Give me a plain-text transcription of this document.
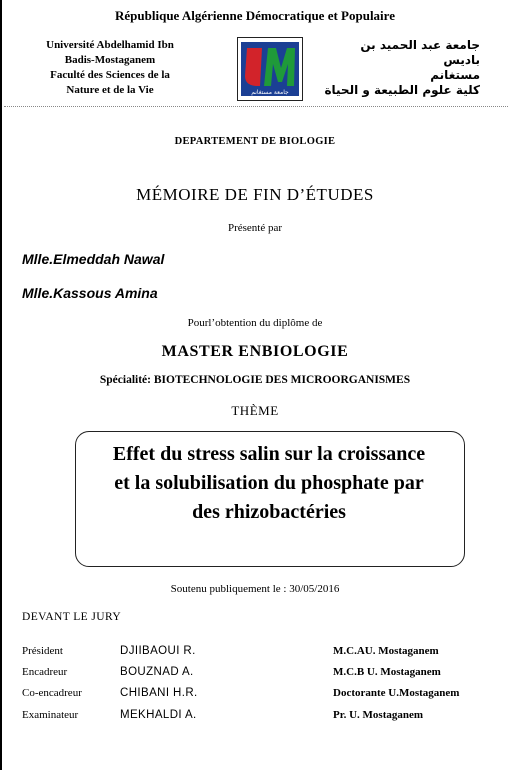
République Algérienne Démocratique et Populaire
Université Abdelhamid Ibn
Badis-Mostaganem
Faculté des Sciences de la
Nature et de la Vie	جامعة مستغانم
جامعة عبد الحميد بن باديس
مستغانم
كلية علوم الطبيعة و الحياة
DEPARTEMENT DE BIOLOGIE
MÉMOIRE DE FIN D’ÉTUDES
Présenté par
Mlle.Elmeddah Nawal
Mlle.Kassous Amina
Pourl’obtention du diplôme de
MASTER ENBIOLOGIE
Spécialité: BIOTECHNOLOGIE DES MICROORGANISMES
THÈME
Effet du stress salin sur la croissance
et la solubilisation du phosphate par
des rhizobactéries
Soutenu publiquement le : 30/05/2016
DEVANT LE JURY
Président	DJIIBAOUI R.	M.C.AU. Mostaganem
Encadreur	BOUZNAD A.	M.C.B U. Mostaganem
Co-encadreur	CHIBANI H.R.	Doctorante U.Mostaganem
Examinateur	MEKHALDI A.	Pr. U. Mostaganem
